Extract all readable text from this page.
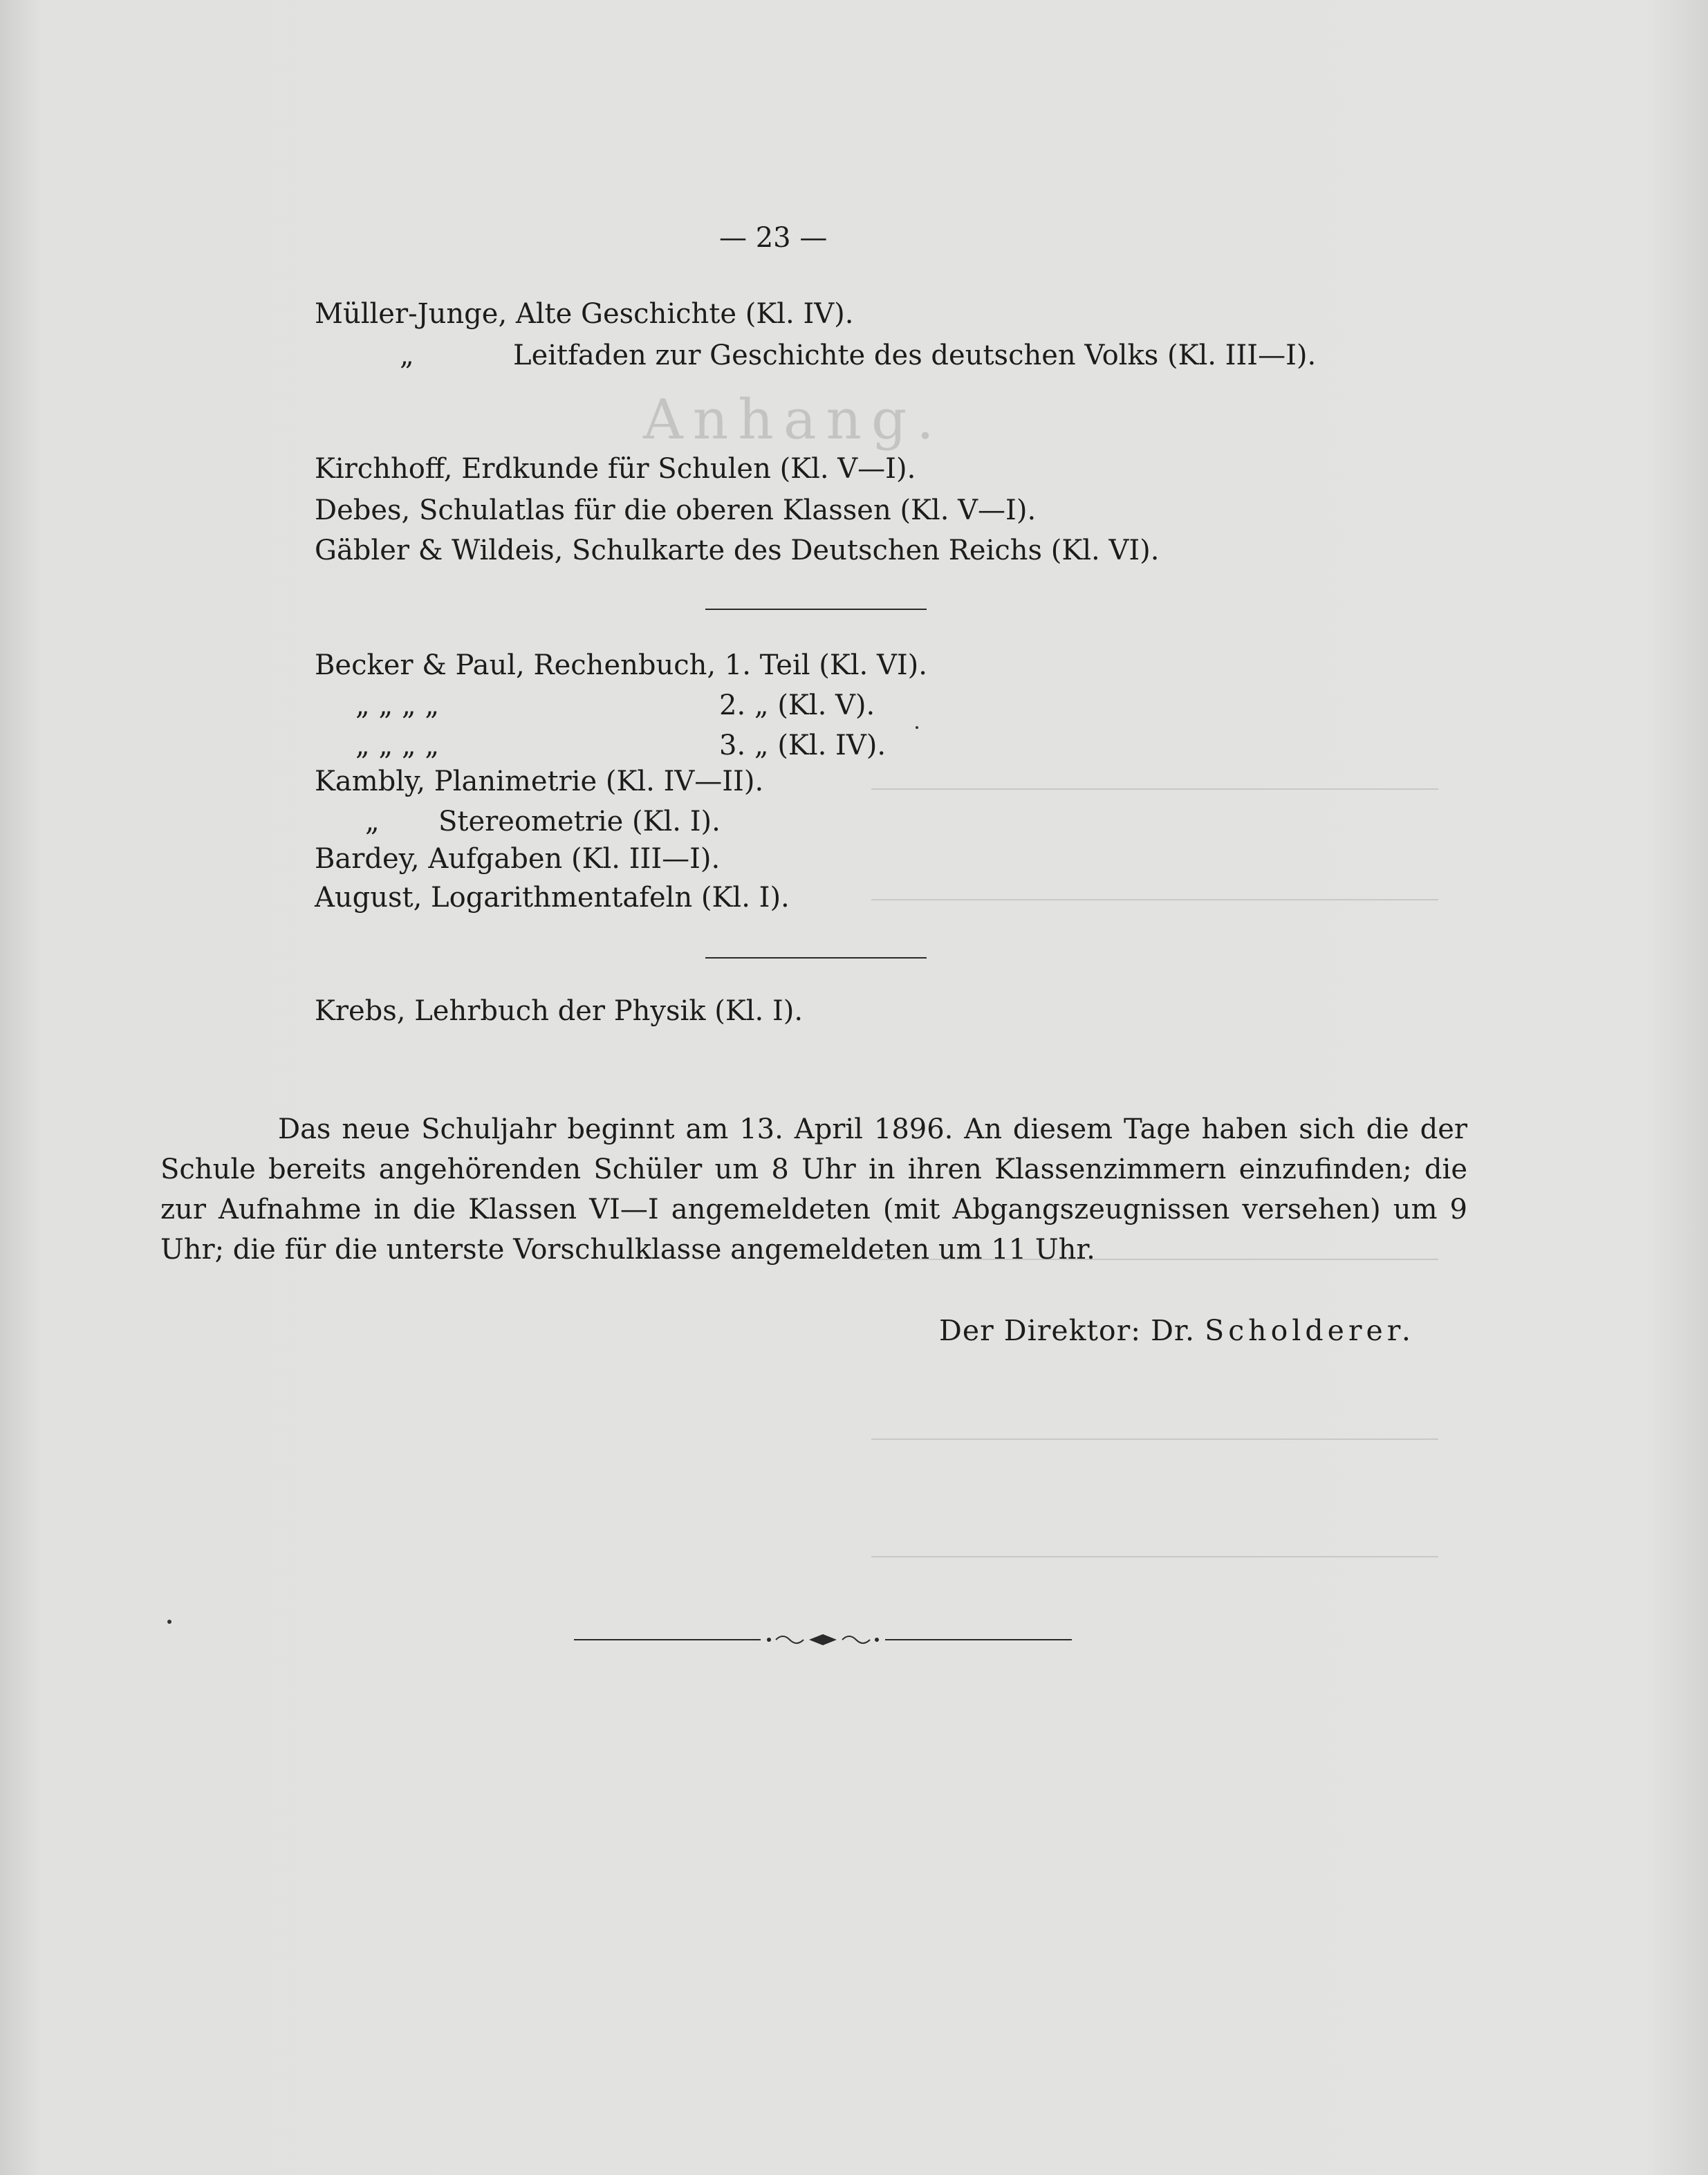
Anhang.
— 23 —
Müller-Junge, Alte Geschichte (Kl. IV).
„	Leitfaden zur Geschichte des deutschen Volks (Kl. III—I).
Kirchhoff, Erdkunde für Schulen (Kl. V—I).
Debes, Schulatlas für die oberen Klassen (Kl. V—I).
Gäbler & Wildeis, Schulkarte des Deutschen Reichs (Kl. VI).
Becker & Paul, Rechenbuch, 1. Teil (Kl. VI).
„ „ „ „	2. „ (Kl. V).
„ „ „ „	3. „ (Kl. IV).
Kambly, Planimetrie (Kl. IV—II).
„ Stereometrie (Kl. I).
Bardey, Aufgaben (Kl. III—I).
August, Logarithmentafeln (Kl. I).
Krebs, Lehrbuch der Physik (Kl. I).
Das neue Schuljahr beginnt am 13. April 1896. An diesem Tage haben sich die der Schule bereits angehörenden Schüler um 8 Uhr in ihren Klassenzimmern einzufinden; die zur Aufnahme in die Klassen VI—I angemeldeten (mit Abgangszeugnissen versehen) um 9 Uhr; die für die unterste Vorschulklasse angemeldeten um 11 Uhr.
Der Direktor: Dr. Scholderer.
